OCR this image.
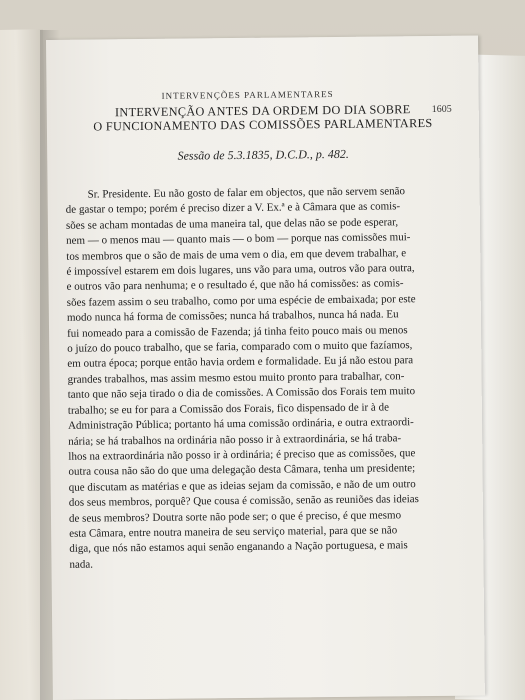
INTERVENÇÕES PARLAMENTARES
1605
INTERVENÇÃO ANTES DA ORDEM DO DIA SOBRE
O FUNCIONAMENTO DAS COMISSÕES PARLAMENTARES
Sessão de 5.3.1835, D.C.D., p. 482.
Sr. Presidente. Eu não gosto de falar em objectos, que não servem senão
de gastar o tempo; porém é preciso dizer a V. Ex.ª e à Câmara que as comis-
sões se acham montadas de uma maneira tal, que delas não se pode esperar,
nem — o menos mau — quanto mais — o bom — porque nas comissões mui-
tos membros que o são de mais de uma vem o dia, em que devem trabalhar, e
é impossível estarem em dois lugares, uns vão para uma, outros vão para outra,
e outros vão para nenhuma; e o resultado é, que não há comissões: as comis-
sões fazem assim o seu trabalho, como por uma espécie de embaixada; por este
modo nunca há forma de comissões; nunca há trabalhos, nunca há nada. Eu
fui nomeado para a comissão de Fazenda; já tinha feito pouco mais ou menos
o juízo do pouco trabalho, que se faria, comparado com o muito que fazíamos,
em outra época; porque então havia ordem e formalidade. Eu já não estou para
grandes trabalhos, mas assim mesmo estou muito pronto para trabalhar, con-
tanto que não seja tirado o dia de comissões. A Comissão dos Forais tem muito
trabalho; se eu for para a Comissão dos Forais, fico dispensado de ir à de
Administração Pública; portanto há uma comissão ordinária, e outra extraordi-
nária; se há trabalhos na ordinária não posso ir à extraordinária, se há traba-
lhos na extraordinária não posso ir à ordinária; é preciso que as comissões, que
outra cousa não são do que uma delegação desta Câmara, tenha um presidente;
que discutam as matérias e que as ideias sejam da comissão, e não de um outro
dos seus membros, porquê? Que cousa é comissão, senão as reuniões das ideias
de seus membros? Doutra sorte não pode ser; o que é preciso, é que mesmo
esta Câmara, entre noutra maneira de seu serviço material, para que se não
diga, que nós não estamos aqui senão enganando a Nação portuguesa, e mais
nada.
